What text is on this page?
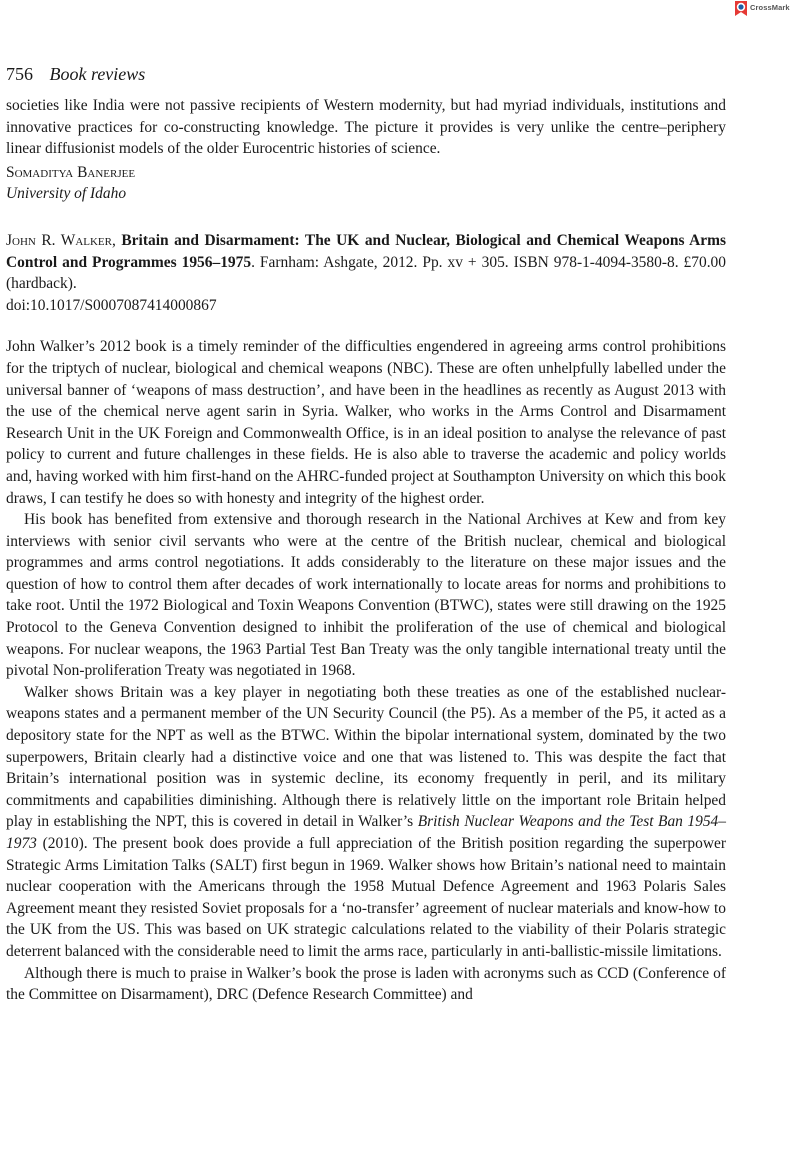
CrossMark
756 Book reviews

societies like India were not passive recipients of Western modernity, but had myriad individuals, institutions and innovative practices for co-constructing knowledge. The picture it provides is very unlike the centre–periphery linear diffusionist models of the older Eurocentric histories of science.

Somaditya Banerjee

University of Idaho

John R. Walker, Britain and Disarmament: The UK and Nuclear, Biological and Chemical Weapons Arms Control and Programmes 1956–1975. Farnham: Ashgate, 2012. Pp. xv + 305. ISBN 978-1-4094-3580-8. £70.00 (hardback).

doi:10.1017/S0007087414000867

John Walker’s 2012 book is a timely reminder of the difficulties engendered in agreeing arms control prohibitions for the triptych of nuclear, biological and chemical weapons (NBC). These are often unhelpfully labelled under the universal banner of ‘weapons of mass destruction’, and have been in the headlines as recently as August 2013 with the use of the chemical nerve agent sarin in Syria. Walker, who works in the Arms Control and Disarmament Research Unit in the UK Foreign and Commonwealth Office, is in an ideal position to analyse the relevance of past policy to current and future challenges in these fields. He is also able to traverse the academic and policy worlds and, having worked with him first-hand on the AHRC-funded project at Southampton University on which this book draws, I can testify he does so with honesty and integrity of the highest order.

His book has benefited from extensive and thorough research in the National Archives at Kew and from key interviews with senior civil servants who were at the centre of the British nuclear, chemical and biological programmes and arms control negotiations. It adds considerably to the literature on these major issues and the question of how to control them after decades of work internationally to locate areas for norms and prohibitions to take root. Until the 1972 Biological and Toxin Weapons Convention (BTWC), states were still drawing on the 1925 Protocol to the Geneva Convention designed to inhibit the proliferation of the use of chemical and biological weapons. For nuclear weapons, the 1963 Partial Test Ban Treaty was the only tangible international treaty until the pivotal Non-proliferation Treaty was negotiated in 1968.

Walker shows Britain was a key player in negotiating both these treaties as one of the established nuclear-weapons states and a permanent member of the UN Security Council (the P5). As a member of the P5, it acted as a depository state for the NPT as well as the BTWC. Within the bipolar international system, dominated by the two superpowers, Britain clearly had a distinctive voice and one that was listened to. This was despite the fact that Britain’s international position was in systemic decline, its economy frequently in peril, and its military commitments and capabilities diminishing. Although there is relatively little on the important role Britain helped play in establishing the NPT, this is covered in detail in Walker’s British Nuclear Weapons and the Test Ban 1954–1973 (2010). The present book does provide a full appreciation of the British position regarding the superpower Strategic Arms Limitation Talks (SALT) first begun in 1969. Walker shows how Britain’s national need to maintain nuclear cooperation with the Americans through the 1958 Mutual Defence Agreement and 1963 Polaris Sales Agreement meant they resisted Soviet proposals for a ‘no-transfer’ agreement of nuclear materials and know-how to the UK from the US. This was based on UK strategic calculations related to the viability of their Polaris strategic deterrent balanced with the considerable need to limit the arms race, particularly in anti-ballistic-missile limitations.

Although there is much to praise in Walker’s book the prose is laden with acronyms such as CCD (Conference of the Committee on Disarmament), DRC (Defence Research Committee) and
